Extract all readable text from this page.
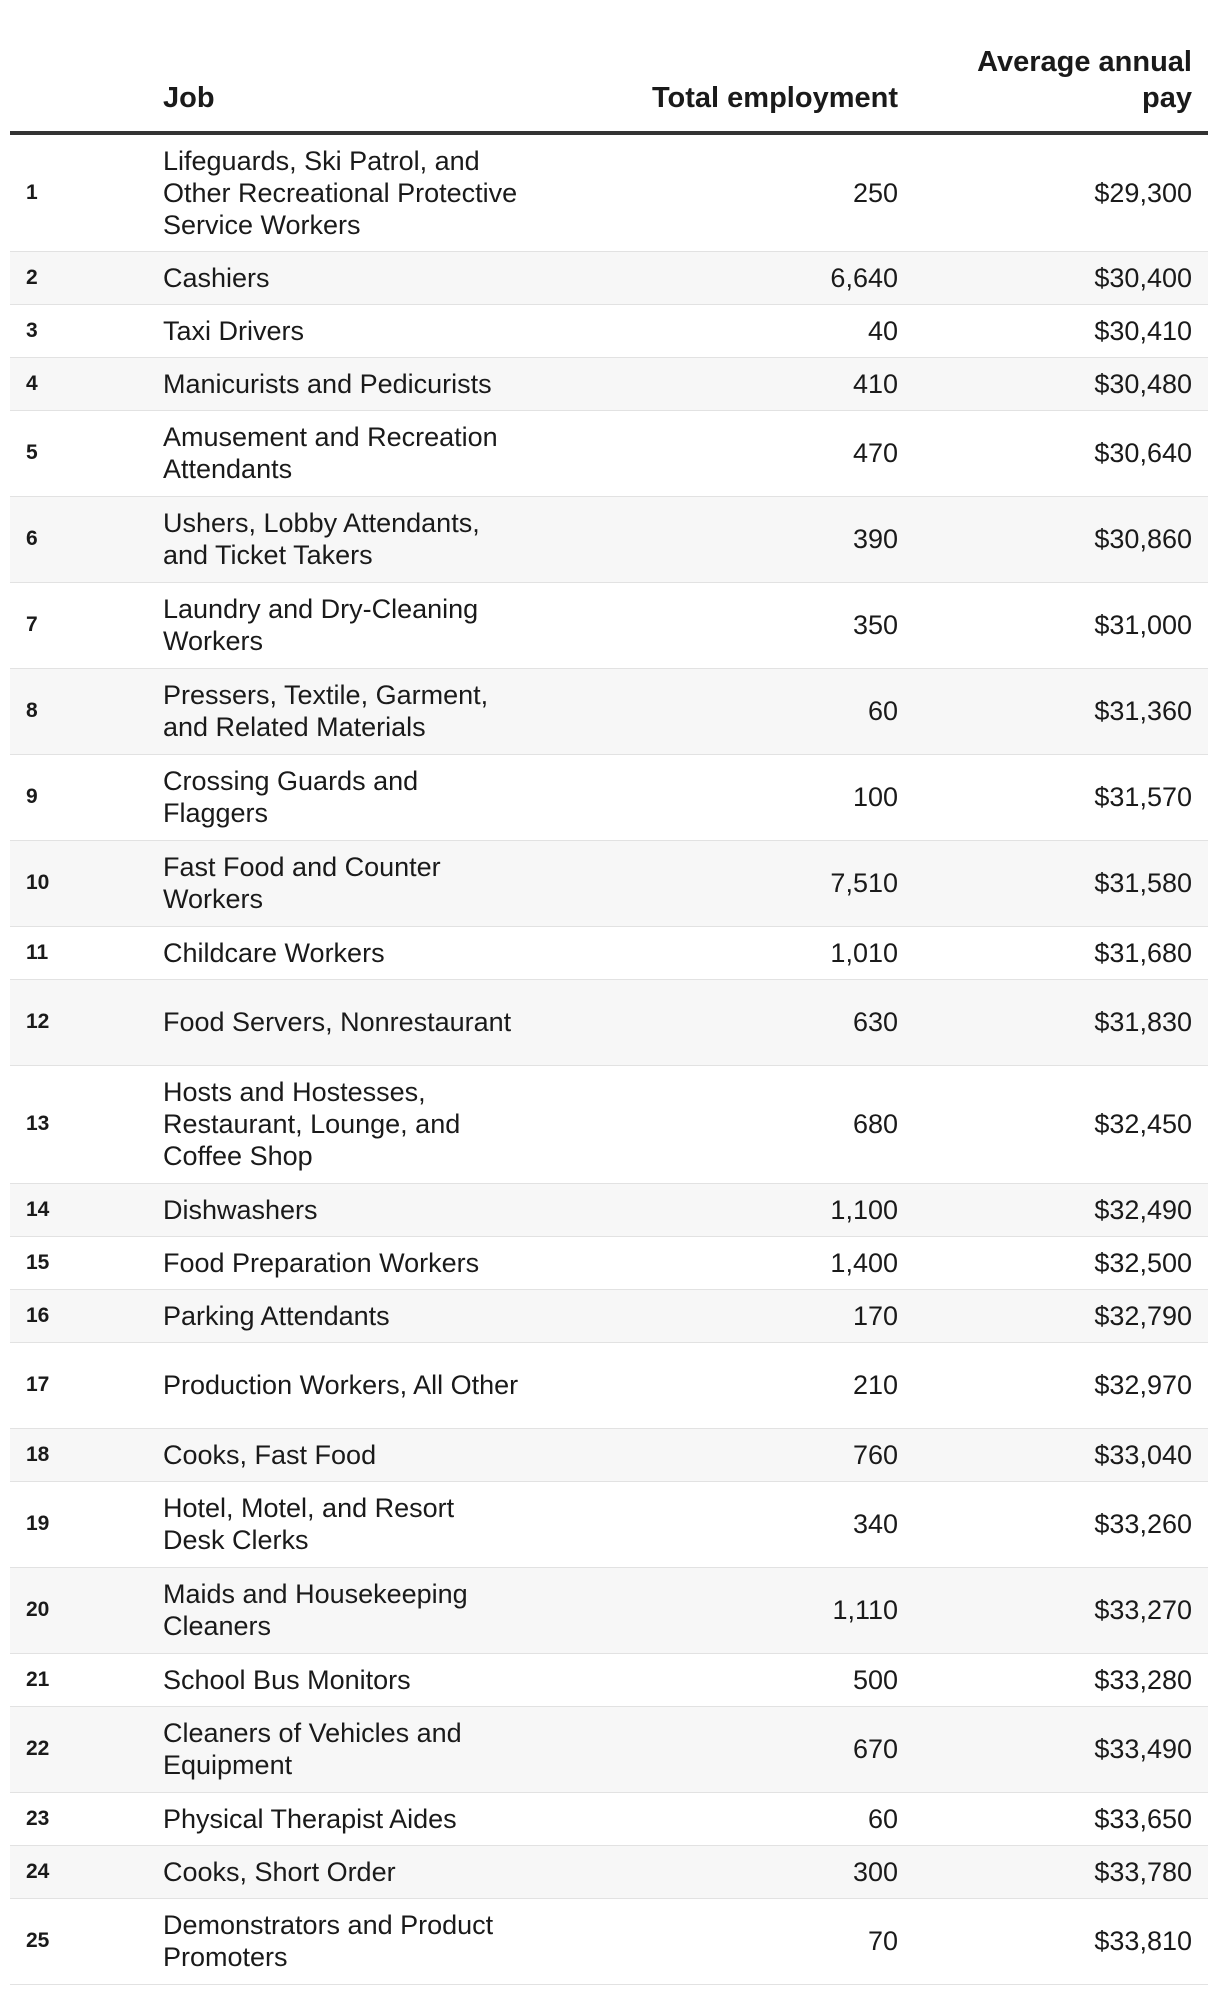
	Job	Total employment	Average annual
pay
1	Lifeguards, Ski Patrol, and Other Recreational Protective Service Workers	250	$29,300
2	Cashiers	6,640	$30,400
3	Taxi Drivers	40	$30,410
4	Manicurists and Pedicurists	410	$30,480
5	Amusement and Recreation Attendants	470	$30,640
6	Ushers, Lobby Attendants, and Ticket Takers	390	$30,860
7	Laundry and Dry-Cleaning Workers	350	$31,000
8	Pressers, Textile, Garment, and Related Materials	60	$31,360
9	Crossing Guards and Flaggers	100	$31,570
10	Fast Food and Counter Workers	7,510	$31,580
11	Childcare Workers	1,010	$31,680
12	Food Servers, Nonrestaurant	630	$31,830
13	Hosts and Hostesses, Restaurant, Lounge, and Coffee Shop	680	$32,450
14	Dishwashers	1,100	$32,490
15	Food Preparation Workers	1,400	$32,500
16	Parking Attendants	170	$32,790
17	Production Workers, All Other	210	$32,970
18	Cooks, Fast Food	760	$33,040
19	Hotel, Motel, and Resort Desk Clerks	340	$33,260
20	Maids and Housekeeping Cleaners	1,110	$33,270
21	School Bus Monitors	500	$33,280
22	Cleaners of Vehicles and Equipment	670	$33,490
23	Physical Therapist Aides	60	$33,650
24	Cooks, Short Order	300	$33,780
25	Demonstrators and Product Promoters	70	$33,810
